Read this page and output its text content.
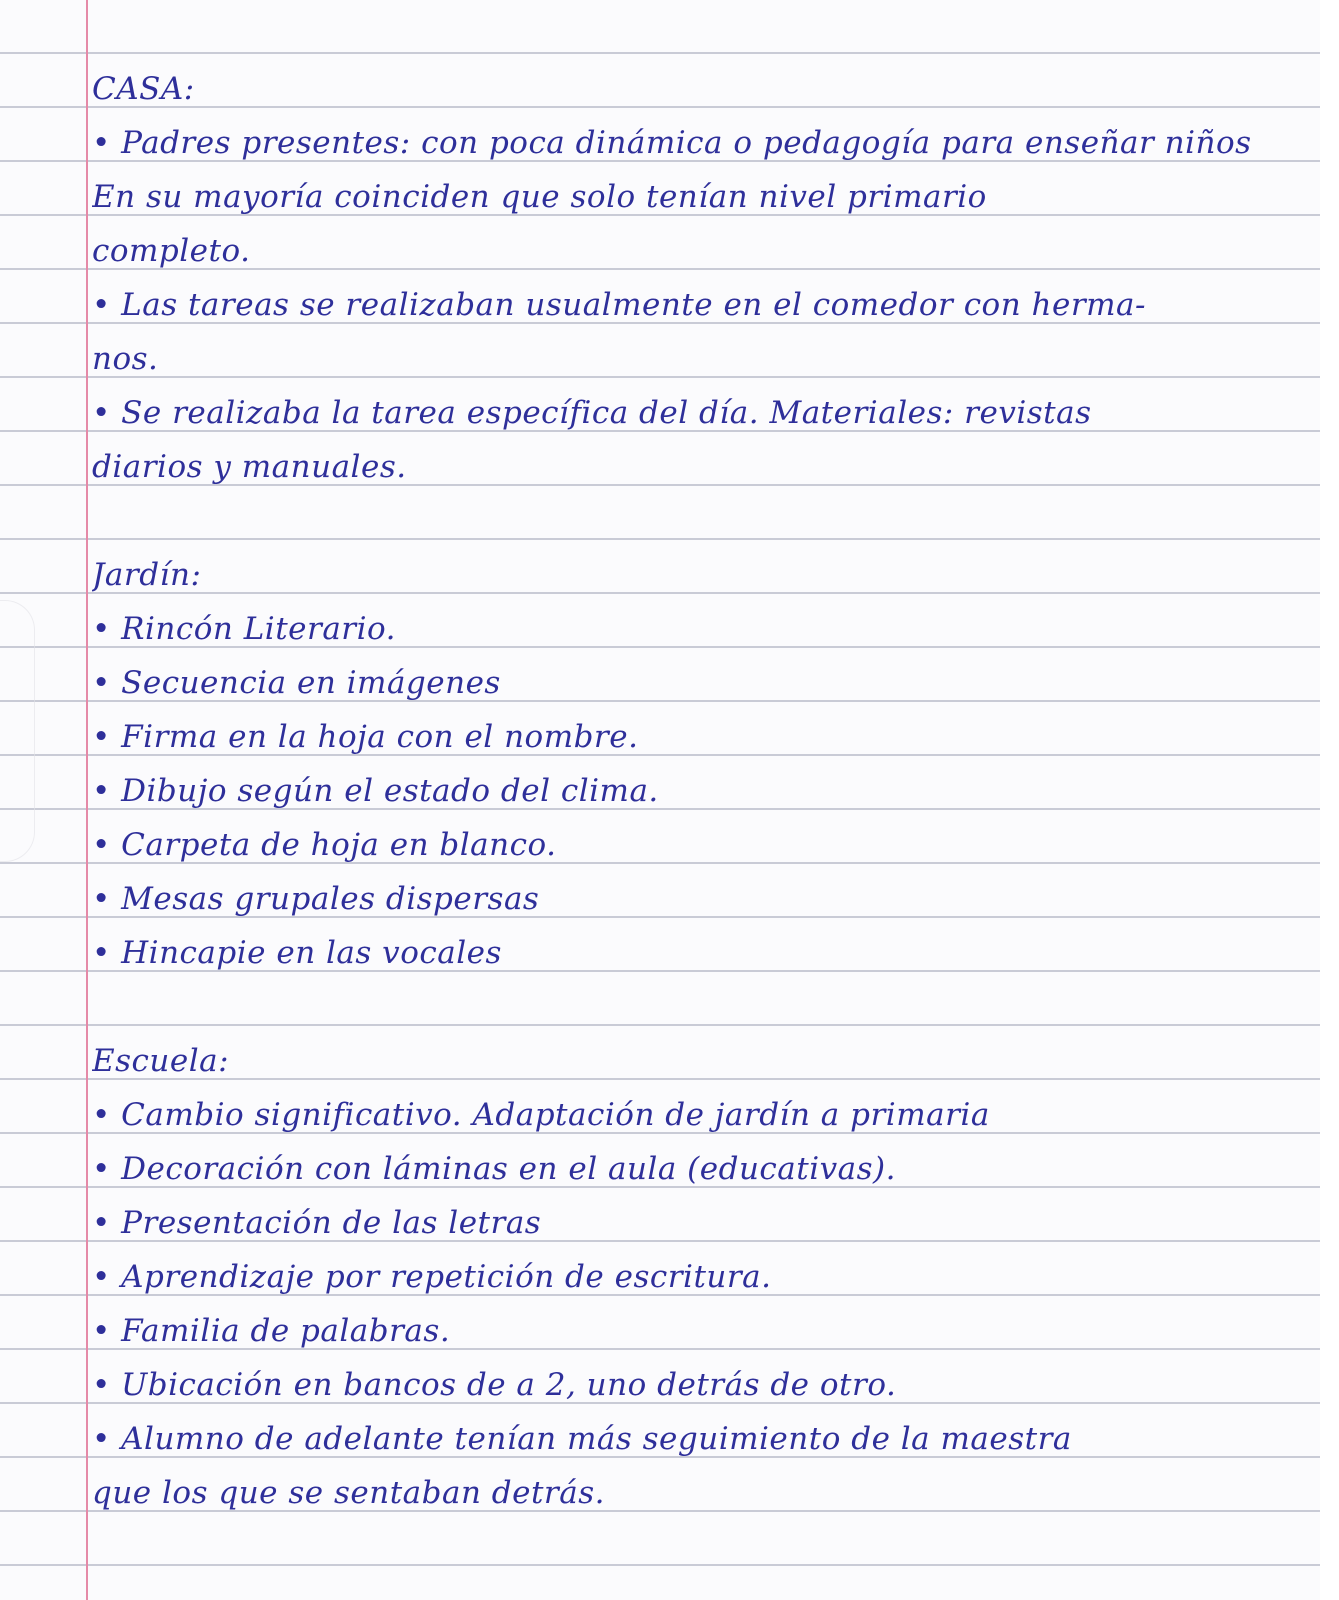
CASA:
• Padres presentes: con poca dinámica o pedagogía para enseñar niños
En su mayoría coinciden que solo tenían nivel primario
completo.
• Las tareas se realizaban usualmente en el comedor con herma-
nos.
• Se realizaba la tarea específica del día. Materiales: revistas
diarios y manuales.
Jardín:
• Rincón Literario.
• Secuencia en imágenes
• Firma en la hoja con el nombre.
• Dibujo según el estado del clima.
• Carpeta de hoja en blanco.
• Mesas grupales dispersas
• Hincapie en las vocales
Escuela:
• Cambio significativo. Adaptación de jardín a primaria
• Decoración con láminas en el aula (educativas).
• Presentación de las letras
• Aprendizaje por repetición de escritura.
• Familia de palabras.
• Ubicación en bancos de a 2, uno detrás de otro.
• Alumno de adelante tenían más seguimiento de la maestra
que los que se sentaban detrás.
